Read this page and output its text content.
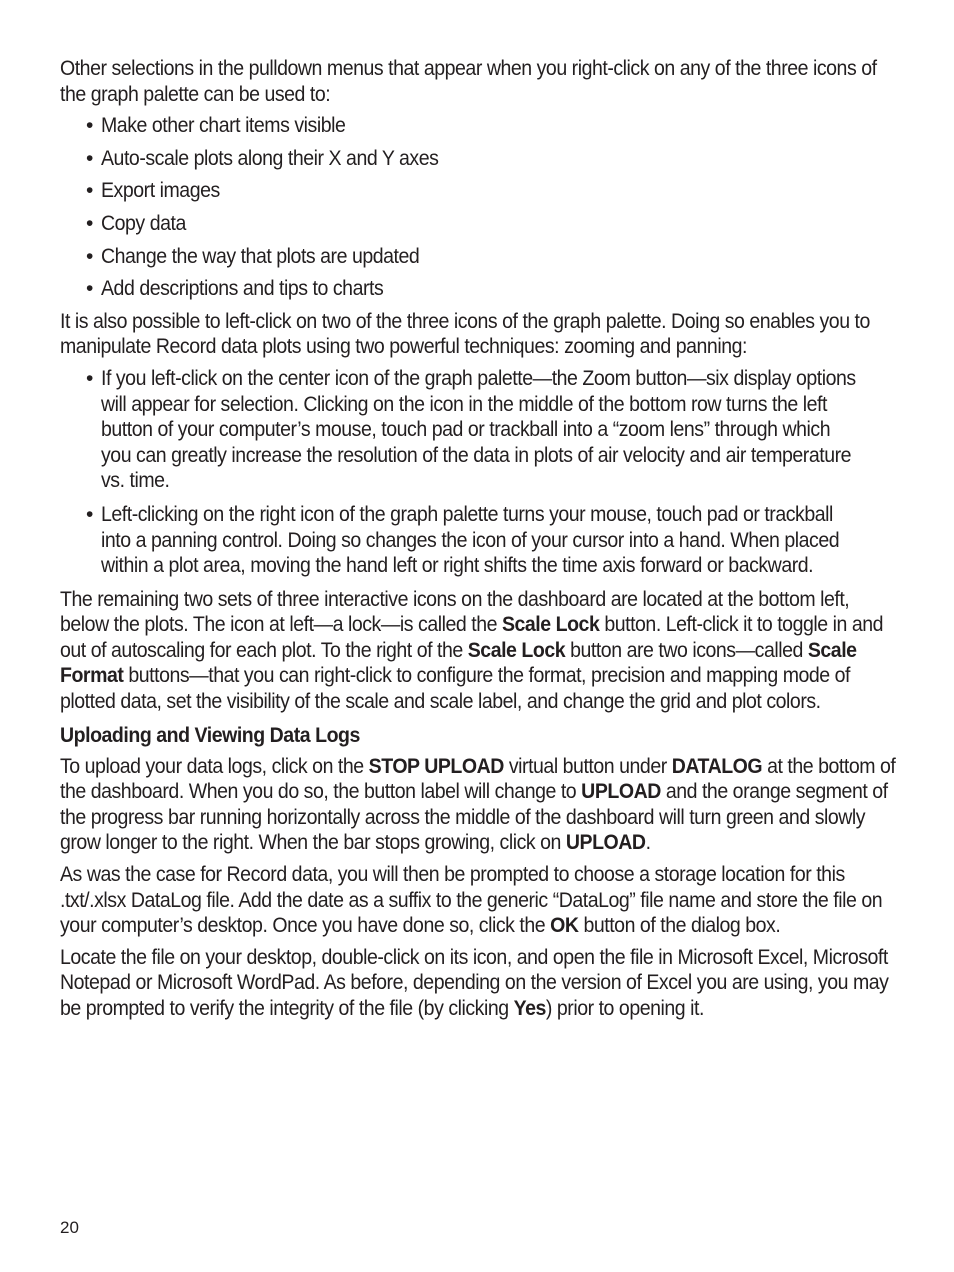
Other selections in the pulldown menus that appear when you right-click on any of the three icons of the graph palette can be used to:

• Make other chart items visible

• Auto-scale plots along their X and Y axes

• Export images

• Copy data

• Change the way that plots are updated

• Add descriptions and tips to charts

It is also possible to left-click on two of the three icons of the graph palette. Doing so enables you to manipulate Record data plots using two powerful techniques: zooming and panning:

• If you left-click on the center icon of the graph palette—the Zoom button—six display options will appear for selection. Clicking on the icon in the middle of the bottom row turns the left button of your computer’s mouse, touch pad or trackball into a “zoom lens” through which you can greatly increase the resolution of the data in plots of air velocity and air temperature vs. time.

• Left-clicking on the right icon of the graph palette turns your mouse, touch pad or trackball into a panning control. Doing so changes the icon of your cursor into a hand. When placed within a plot area, moving the hand left or right shifts the time axis forward or backward.

The remaining two sets of three interactive icons on the dashboard are located at the bottom left, below the plots. The icon at left—a lock—is called the Scale Lock button. Left-click it to toggle in and out of autoscaling for each plot. To the right of the Scale Lock button are two icons—called Scale Format buttons—that you can right-click to configure the format, precision and mapping mode of plotted data, set the visibility of the scale and scale label, and change the grid and plot colors.

Uploading and Viewing Data Logs

To upload your data logs, click on the STOP UPLOAD virtual button under DATALOG at the bottom of the dashboard. When you do so, the button label will change to UPLOAD and the orange segment of the progress bar running horizontally across the middle of the dashboard will turn green and slowly grow longer to the right. When the bar stops growing, click on UPLOAD.

As was the case for Record data, you will then be prompted to choose a storage location for this .txt/.xlsx DataLog file. Add the date as a suffix to the generic “DataLog” file name and store the file on your computer’s desktop. Once you have done so, click the OK button of the dialog box.

Locate the file on your desktop, double-click on its icon, and open the file in Microsoft Excel, Microsoft Notepad or Microsoft WordPad. As before, depending on the version of Excel you are using, you may be prompted to verify the integrity of the file (by clicking Yes) prior to opening it.

20
